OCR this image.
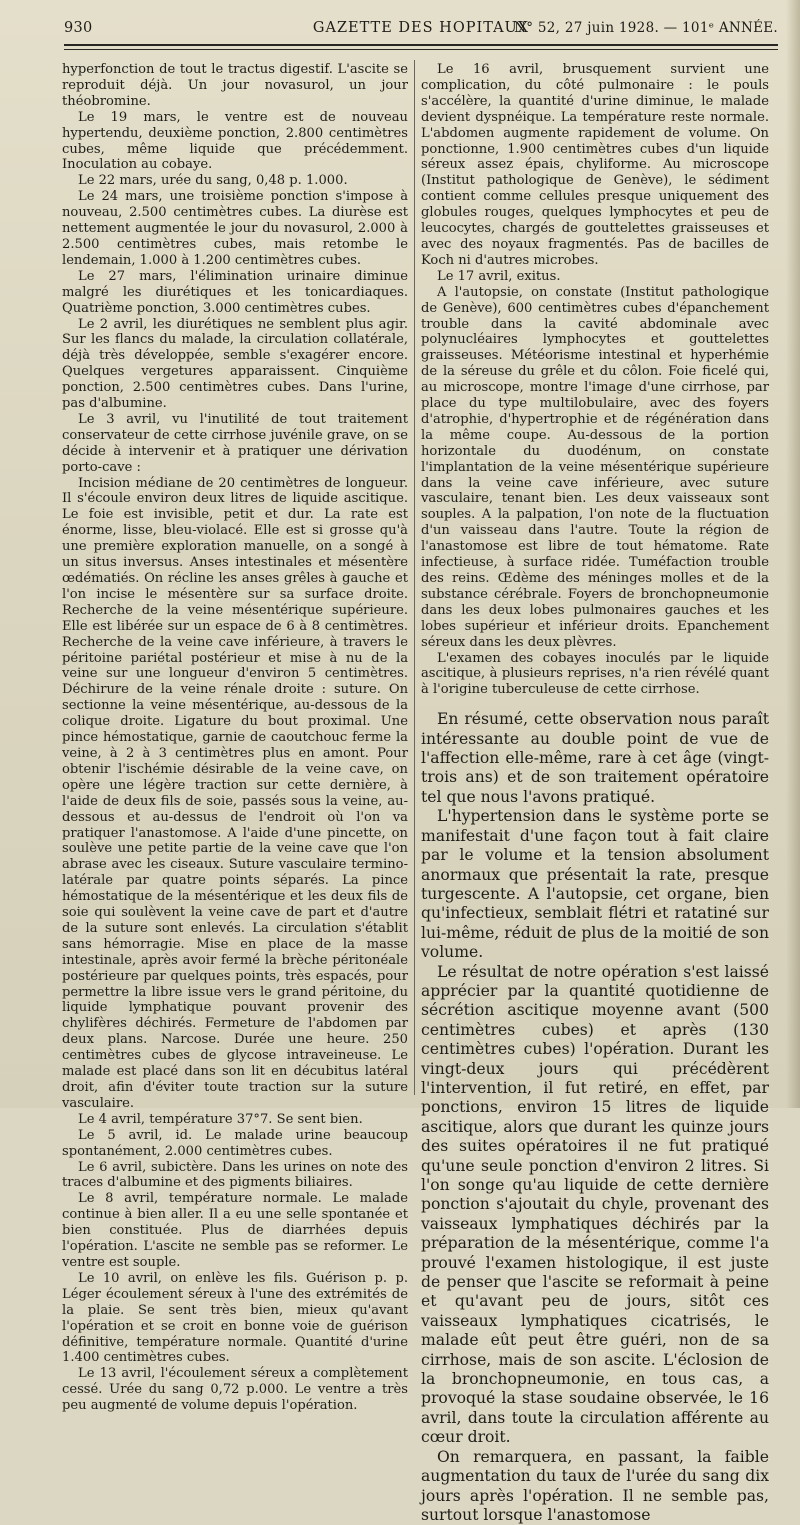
930	GAZETTE DES HOPITAUX
N° 52, 27 juin 1928. — 101ᵉ ANNÉE.

hyperfonction de tout le tractus digestif. L'ascite se reproduit déjà. Un jour novasurol, un jour théobromine.

Le 19 mars, le ventre est de nouveau hypertendu, deuxième ponction, 2.800 centimètres cubes, même liquide que précédemment. Inoculation au cobaye.

Le 22 mars, urée du sang, 0,48 p. 1.000.

Le 24 mars, une troisième ponction s'impose à nouveau, 2.500 centimètres cubes. La diurèse est nettement augmentée le jour du novasurol, 2.000 à 2.500 centimètres cubes, mais retombe le lendemain, 1.000 à 1.200 centimètres cubes.

Le 27 mars, l'élimination urinaire diminue malgré les diurétiques et les tonicardiaques. Quatrième ponction, 3.000 centimètres cubes.

Le 2 avril, les diurétiques ne semblent plus agir. Sur les flancs du malade, la circulation collatérale, déjà très développée, semble s'exagérer encore. Quelques vergetures apparaissent. Cinquième ponction, 2.500 centimètres cubes. Dans l'urine, pas d'albumine.

Le 3 avril, vu l'inutilité de tout traitement conservateur de cette cirrhose juvénile grave, on se décide à intervenir et à pratiquer une dérivation porto-cave :

Incision médiane de 20 centimètres de longueur. Il s'écoule environ deux litres de liquide ascitique. Le foie est invisible, petit et dur. La rate est énorme, lisse, bleu-violacé. Elle est si grosse qu'à une première exploration manuelle, on a songé à un situs inversus. Anses intestinales et mésentère œdématiés. On récline les anses grêles à gauche et l'on incise le mésentère sur sa surface droite. Recherche de la veine mésentérique supérieure. Elle est libérée sur un espace de 6 à 8 centimètres. Recherche de la veine cave inférieure, à travers le péritoine pariétal postérieur et mise à nu de la veine sur une longueur d'environ 5 centimètres. Déchirure de la veine rénale droite : suture. On sectionne la veine mésentérique, au-dessous de la colique droite. Ligature du bout proximal. Une pince hémostatique, garnie de caoutchouc ferme la veine, à 2 à 3 centimètres plus en amont. Pour obtenir l'ischémie désirable de la veine cave, on opère une légère traction sur cette dernière, à l'aide de deux fils de soie, passés sous la veine, au-dessous et au-dessus de l'endroit où l'on va pratiquer l'anastomose. A l'aide d'une pincette, on soulève une petite partie de la veine cave que l'on abrase avec les ciseaux. Suture vasculaire termino-latérale par quatre points séparés. La pince hémostatique de la mésentérique et les deux fils de soie qui soulèvent la veine cave de part et d'autre de la suture sont enlevés. La circulation s'établit sans hémorragie. Mise en place de la masse intestinale, après avoir fermé la brèche péritonéale postérieure par quelques points, très espacés, pour permettre la libre issue vers le grand péritoine, du liquide lymphatique pouvant provenir des chylifères déchirés. Fermeture de l'abdomen par deux plans. Narcose. Durée une heure. 250 centimètres cubes de glycose intraveineuse. Le malade est placé dans son lit en décubitus latéral droit, afin d'éviter toute traction sur la suture vasculaire.

Le 4 avril, température 37°7. Se sent bien.

Le 5 avril, id. Le malade urine beaucoup spontanément, 2.000 centimètres cubes.

Le 6 avril, subictère. Dans les urines on note des traces d'albumine et des pigments biliaires.

Le 8 avril, température normale. Le malade continue à bien aller. Il a eu une selle spontanée et bien constituée. Plus de diarrhées depuis l'opération. L'ascite ne semble pas se reformer. Le ventre est souple.

Le 10 avril, on enlève les fils. Guérison p. p. Léger écoulement séreux à l'une des extrémités de la plaie. Se sent très bien, mieux qu'avant l'opération et se croit en bonne voie de guérison définitive, température normale. Quantité d'urine 1.400 centimètres cubes.

Le 13 avril, l'écoulement séreux a complètement cessé. Urée du sang 0,72 p.000. Le ventre a très peu augmenté de volume depuis l'opération.

Le 16 avril, brusquement survient une complication, du côté pulmonaire : le pouls s'accélère, la quantité d'urine diminue, le malade devient dyspnéique. La température reste normale. L'abdomen augmente rapidement de volume. On ponctionne, 1.900 centimètres cubes d'un liquide séreux assez épais, chyliforme. Au microscope (Institut pathologique de Genève), le sédiment contient comme cellules presque uniquement des globules rouges, quelques lymphocytes et peu de leucocytes, chargés de gouttelettes graisseuses et avec des noyaux fragmentés. Pas de bacilles de Koch ni d'autres microbes.

Le 17 avril, exitus.

A l'autopsie, on constate (Institut pathologique de Genève), 600 centimètres cubes d'épanchement trouble dans la cavité abdominale avec polynucléaires lymphocytes et gouttelettes graisseuses. Météorisme intestinal et hyperhémie de la séreuse du grêle et du côlon. Foie ficelé qui, au microscope, montre l'image d'une cirrhose, par place du type multilobulaire, avec des foyers d'atrophie, d'hypertrophie et de régénération dans la même coupe. Au-dessous de la portion horizontale du duodénum, on constate l'implantation de la veine mésentérique supérieure dans la veine cave inférieure, avec suture vasculaire, tenant bien. Les deux vaisseaux sont souples. A la palpation, l'on note de la fluctuation d'un vaisseau dans l'autre. Toute la région de l'anastomose est libre de tout hématome. Rate infectieuse, à surface ridée. Tuméfaction trouble des reins. Œdème des méninges molles et de la substance cérébrale. Foyers de bronchopneumonie dans les deux lobes pulmonaires gauches et les lobes supérieur et inférieur droits. Epanchement séreux dans les deux plèvres.

L'examen des cobayes inoculés par le liquide ascitique, à plusieurs reprises, n'a rien révélé quant à l'origine tuberculeuse de cette cirrhose.

En résumé, cette observation nous paraît intéressante au double point de vue de l'affection elle-même, rare à cet âge (vingt-trois ans) et de son traitement opératoire tel que nous l'avons pratiqué.

L'hypertension dans le système porte se manifestait d'une façon tout à fait claire par le volume et la tension absolument anormaux que présentait la rate, presque turgescente. A l'autopsie, cet organe, bien qu'infectieux, semblait flétri et ratatiné sur lui-même, réduit de plus de la moitié de son volume.

Le résultat de notre opération s'est laissé apprécier par la quantité quotidienne de sécrétion ascitique moyenne avant (500 centimètres cubes) et après (130 centimètres cubes) l'opération. Durant les vingt-deux jours qui précédèrent l'intervention, il fut retiré, en effet, par ponctions, environ 15 litres de liquide ascitique, alors que durant les quinze jours des suites opératoires il ne fut pratiqué qu'une seule ponction d'environ 2 litres. Si l'on songe qu'au liquide de cette dernière ponction s'ajoutait du chyle, provenant des vaisseaux lymphatiques déchirés par la préparation de la mésentérique, comme l'a prouvé l'examen histologique, il est juste de penser que l'ascite se reformait à peine et qu'avant peu de jours, sitôt ces vaisseaux lymphatiques cicatrisés, le malade eût peut être guéri, non de sa cirrhose, mais de son ascite. L'éclosion de la bronchopneumonie, en tous cas, a provoqué la stase soudaine observée, le 16 avril, dans toute la circulation afférente au cœur droit.

On remarquera, en passant, la faible augmentation du taux de l'urée du sang dix jours après l'opération. Il ne semble pas, surtout lorsque l'anastomose
